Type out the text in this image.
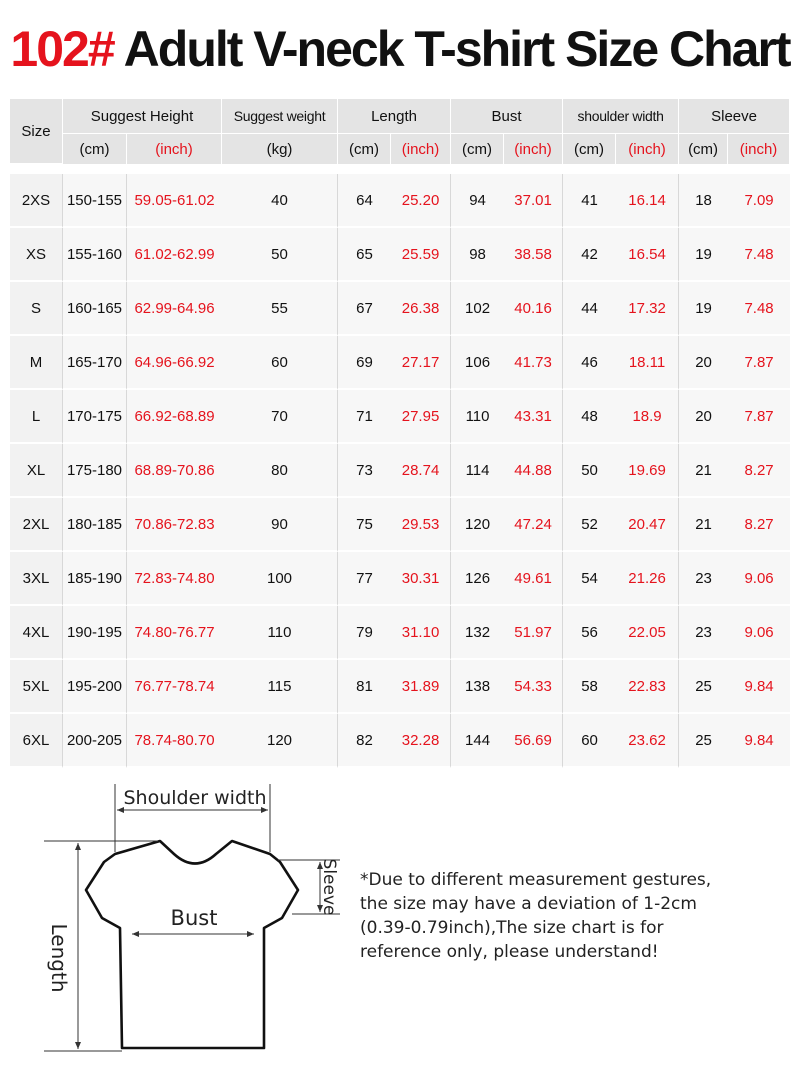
102# Adult V-neck T-shirt Size Chart
Size	Suggest Height		Suggest weight	Length		Bust		shoulder width		Sleeve	
	(cm)	(inch)	(kg)	(cm)	(inch)	(cm)	(inch)	(cm)	(inch)	(cm)	(inch)

2XS	150-155	59.05-61.02	40	64	25.20	94	37.01	41	16.14	18	7.09
XS	155-160	61.02-62.99	50	65	25.59	98	38.58	42	16.54	19	7.48
S	160-165	62.99-64.96	55	67	26.38	102	40.16	44	17.32	19	7.48
M	165-170	64.96-66.92	60	69	27.17	106	41.73	46	18.11	20	7.87
L	170-175	66.92-68.89	70	71	27.95	110	43.31	48	18.9	20	7.87
XL	175-180	68.89-70.86	80	73	28.74	114	44.88	50	19.69	21	8.27
2XL	180-185	70.86-72.83	90	75	29.53	120	47.24	52	20.47	21	8.27
3XL	185-190	72.83-74.80	100	77	30.31	126	49.61	54	21.26	23	9.06
4XL	190-195	74.80-76.77	110	79	31.10	132	51.97	56	22.05	23	9.06
5XL	195-200	76.77-78.74	115	81	31.89	138	54.33	58	22.83	25	9.84
6XL	200-205	78.74-80.70	120	82	32.28	144	56.69	60	23.62	25	9.84
Shoulder width
Bust
Sleeve
Length
*Due to different measurement gestures,
the size may have a deviation of 1-2cm
(0.39-0.79inch),The size chart is for
reference only, please understand!
